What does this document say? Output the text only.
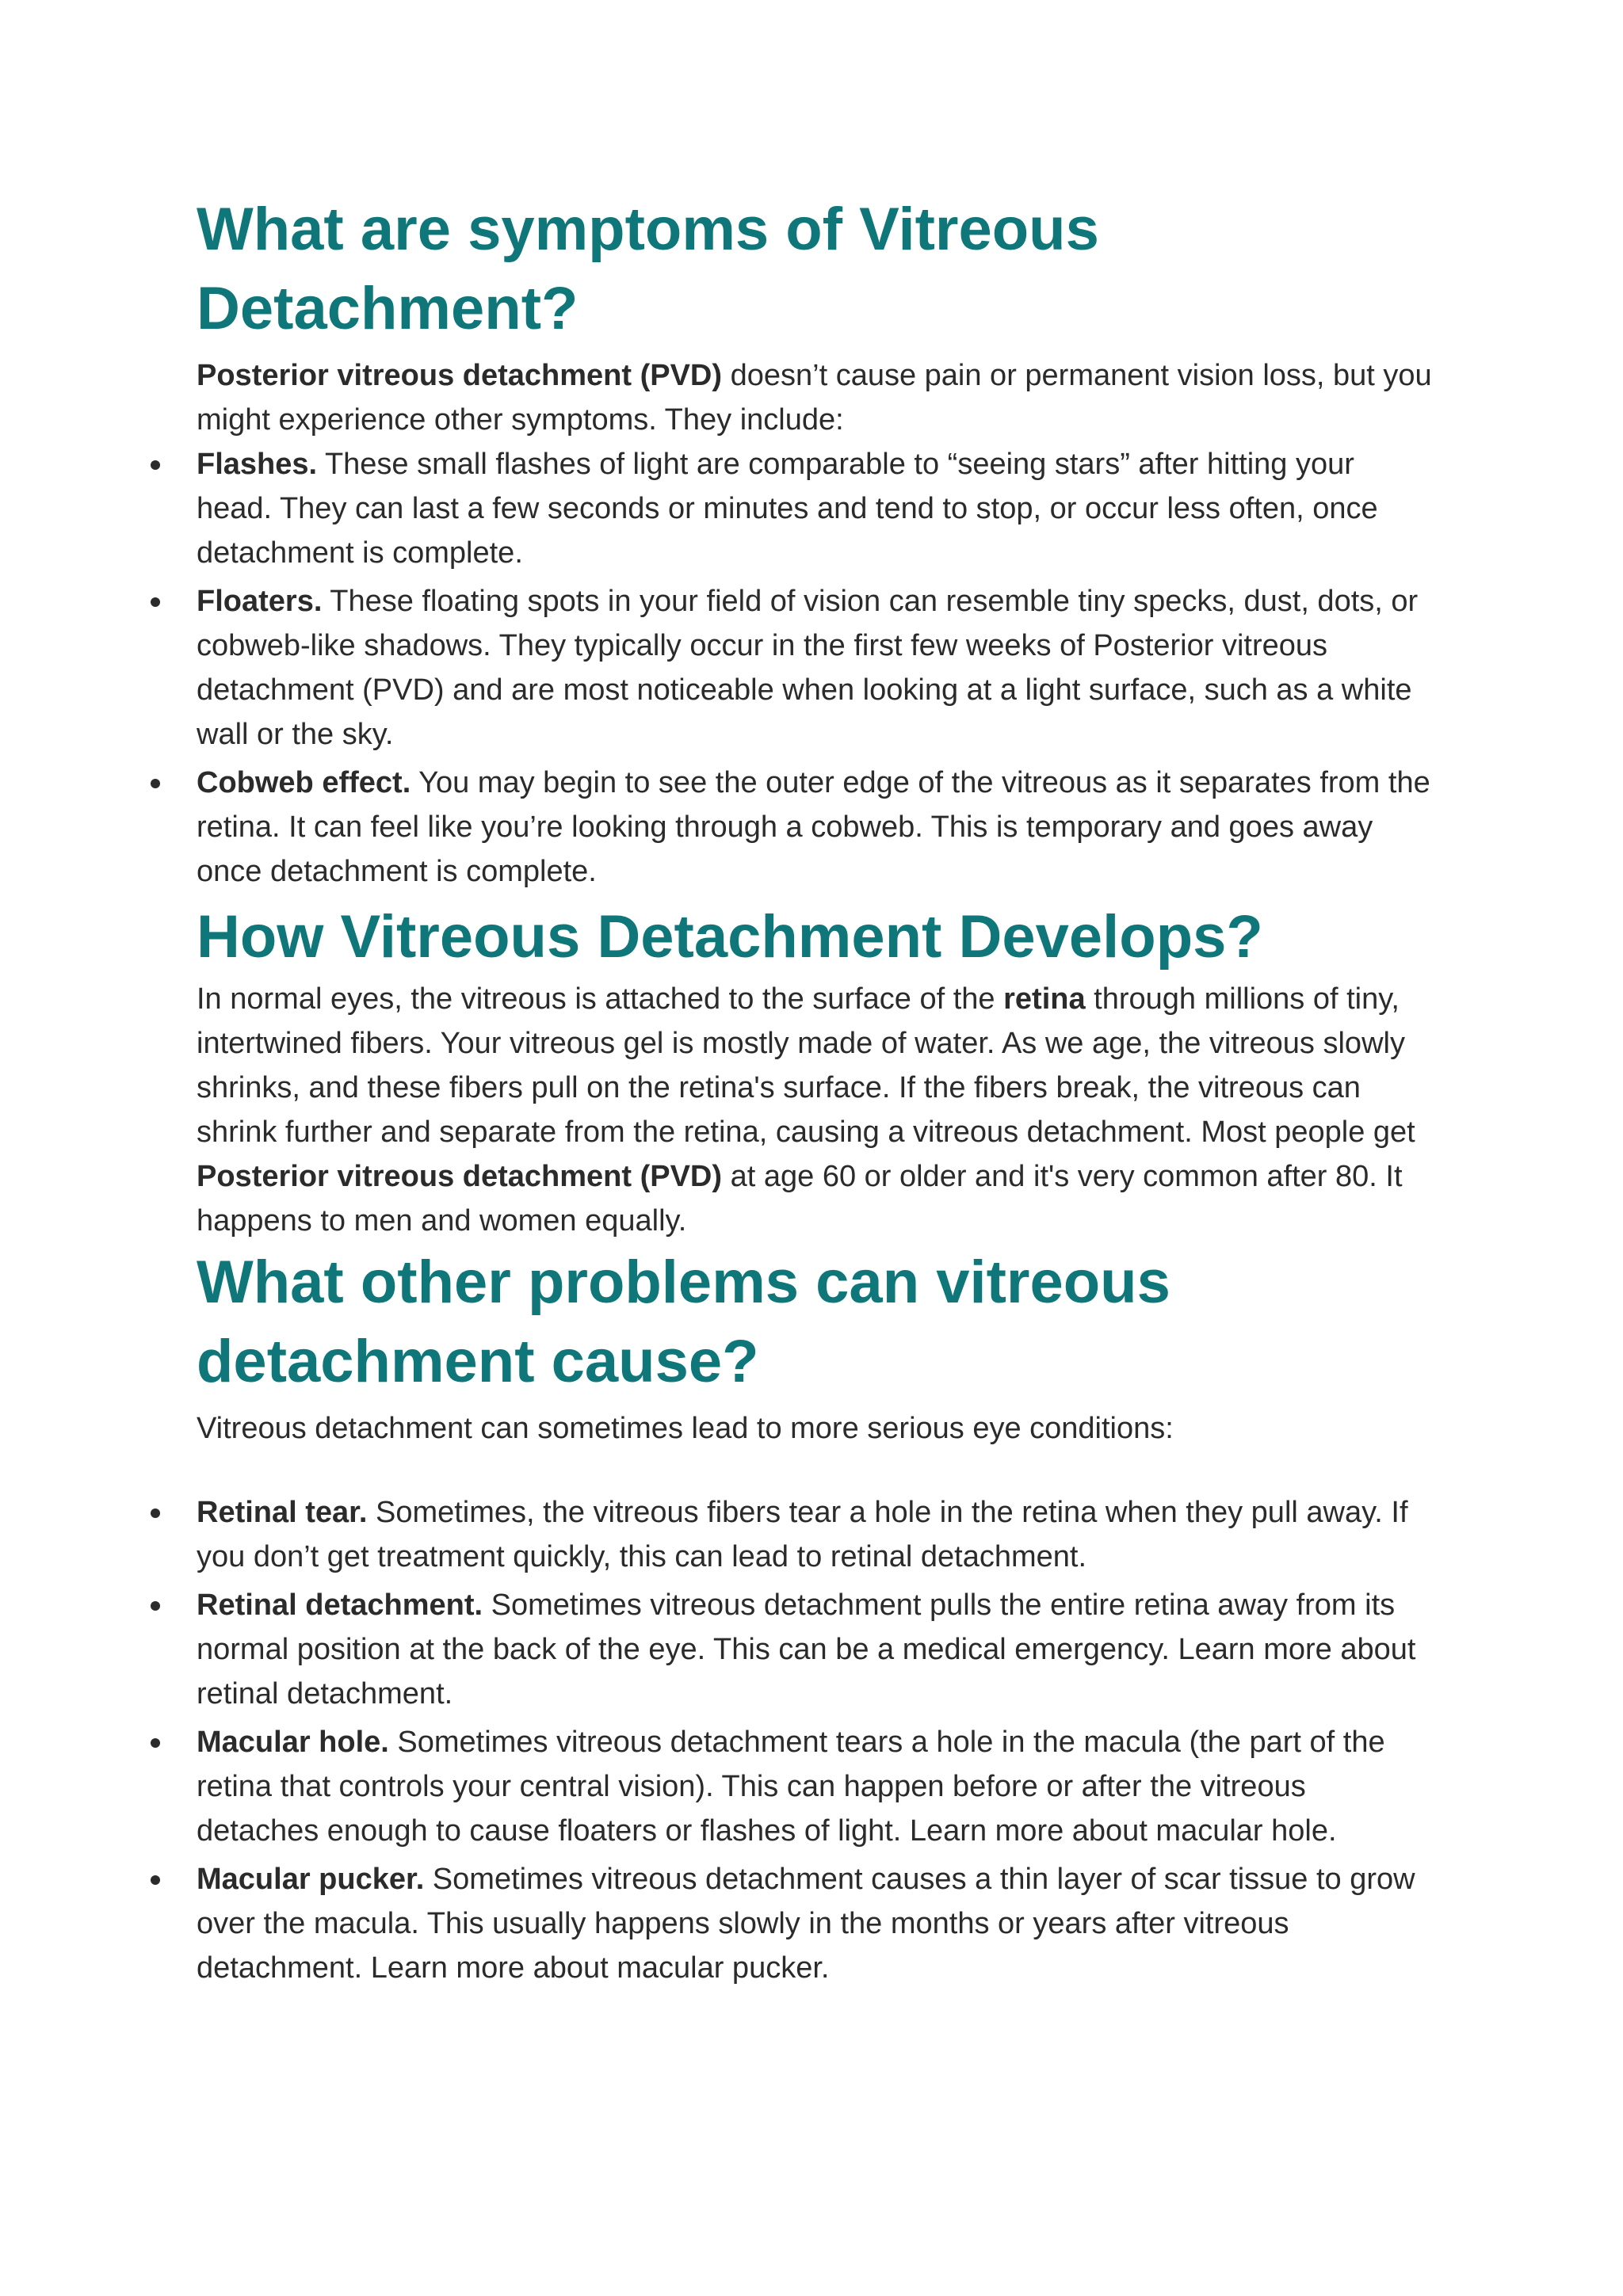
What are symptoms of Vitreous
Detachment?

Posterior vitreous detachment (PVD) doesn’t cause pain or permanent vision loss, but you might experience other symptoms. They include:

Flashes. These small flashes of light are comparable to “seeing stars” after hitting your head. They can last a few seconds or minutes and tend to stop, or occur less often, once detachment is complete.
Floaters. These floating spots in your field of vision can resemble tiny specks, dust, dots, or cobweb-like shadows. They typically occur in the first few weeks of Posterior vitreous detachment (PVD) and are most noticeable when looking at a light surface, such as a white wall or the sky.
Cobweb effect. You may begin to see the outer edge of the vitreous as it separates from the retina. It can feel like you’re looking through a cobweb. This is temporary and goes away once detachment is complete.
How Vitreous Detachment Develops?

In normal eyes, the vitreous is attached to the surface of the retina through millions of tiny, intertwined fibers. Your vitreous gel is mostly made of water. As we age, the vitreous slowly shrinks, and these fibers pull on the retina's surface. If the fibers break, the vitreous can shrink further and separate from the retina, causing a vitreous detachment. Most people get Posterior vitreous detachment (PVD) at age 60 or older and it's very common after 80. It happens to men and women equally.

What other problems can vitreous
detachment cause?

Vitreous detachment can sometimes lead to more serious eye conditions:

Retinal tear. Sometimes, the vitreous fibers tear a hole in the retina when they pull away. If you don’t get treatment quickly, this can lead to retinal detachment.
Retinal detachment. Sometimes vitreous detachment pulls the entire retina away from its normal position at the back of the eye. This can be a medical emergency. Learn more about retinal detachment.
Macular hole. Sometimes vitreous detachment tears a hole in the macula (the part of the retina that controls your central vision). This can happen before or after the vitreous detaches enough to cause floaters or flashes of light. Learn more about macular hole.
Macular pucker. Sometimes vitreous detachment causes a thin layer of scar tissue to grow over the macula. This usually happens slowly in the months or years after vitreous detachment. Learn more about macular pucker.
